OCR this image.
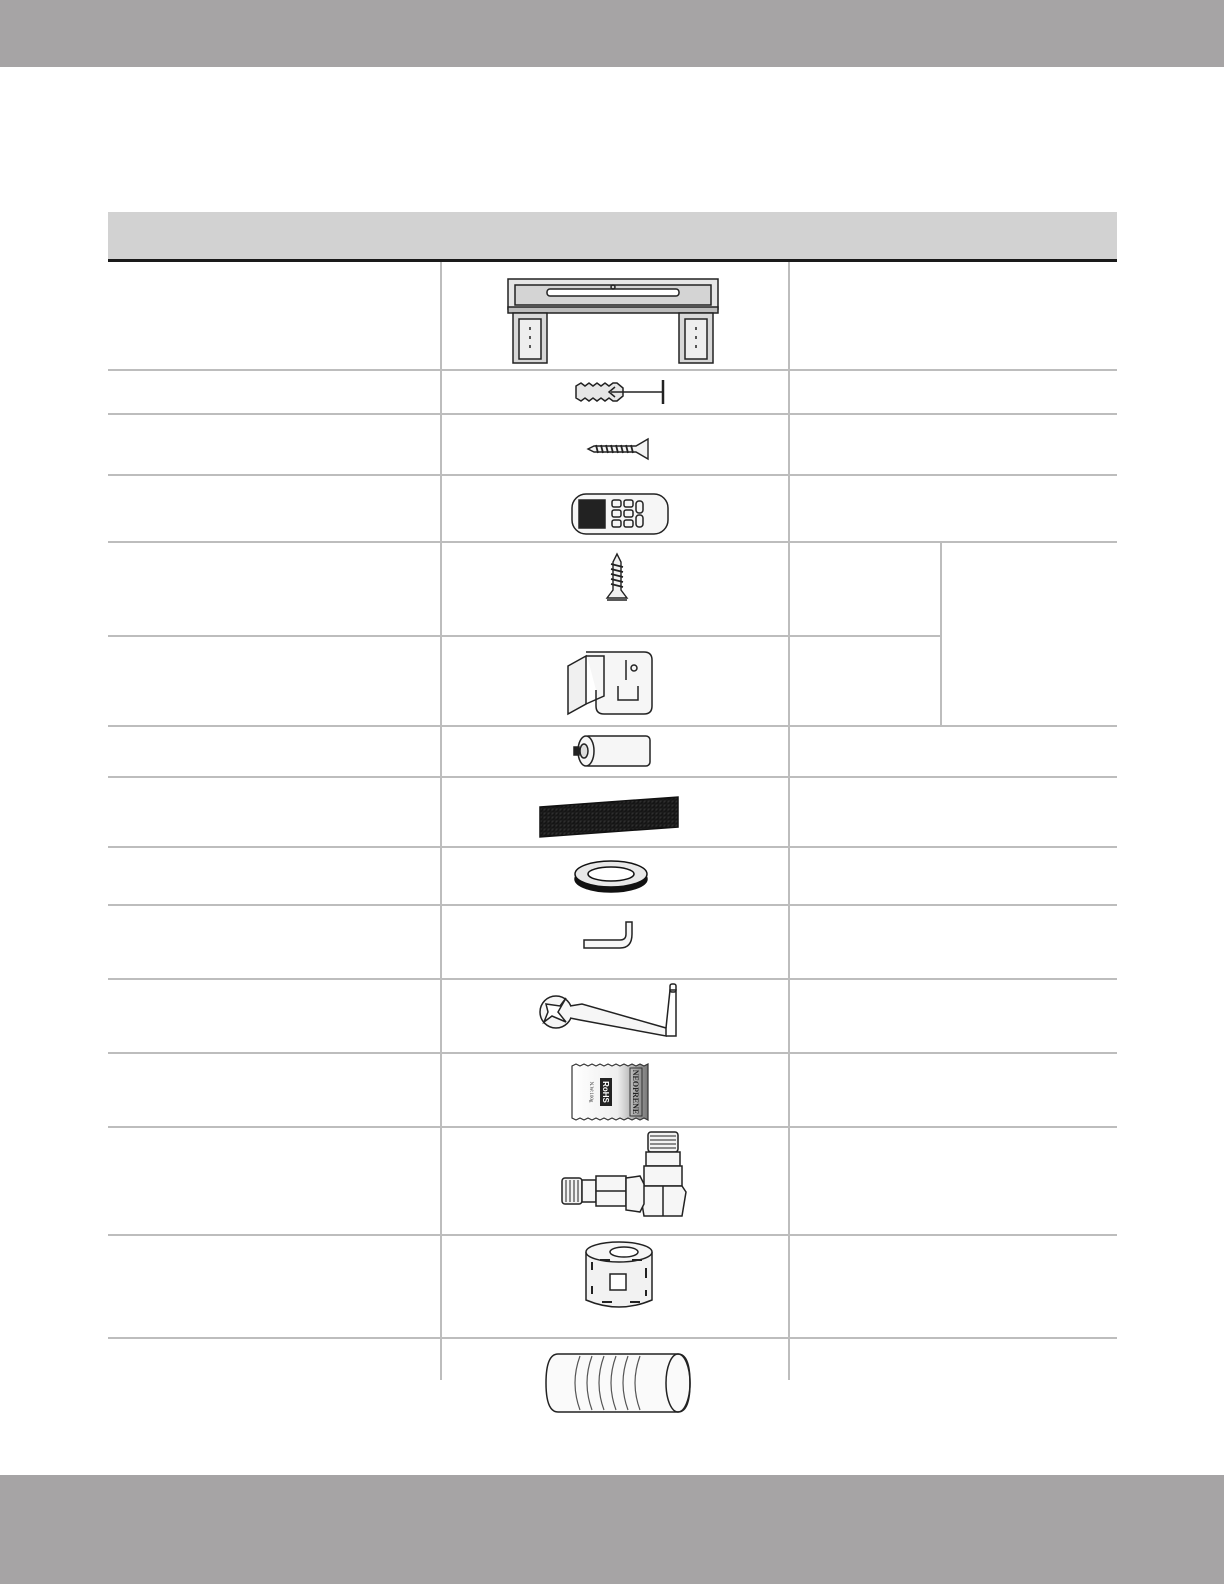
NEOPRENE
RoHS
N.W:100g
